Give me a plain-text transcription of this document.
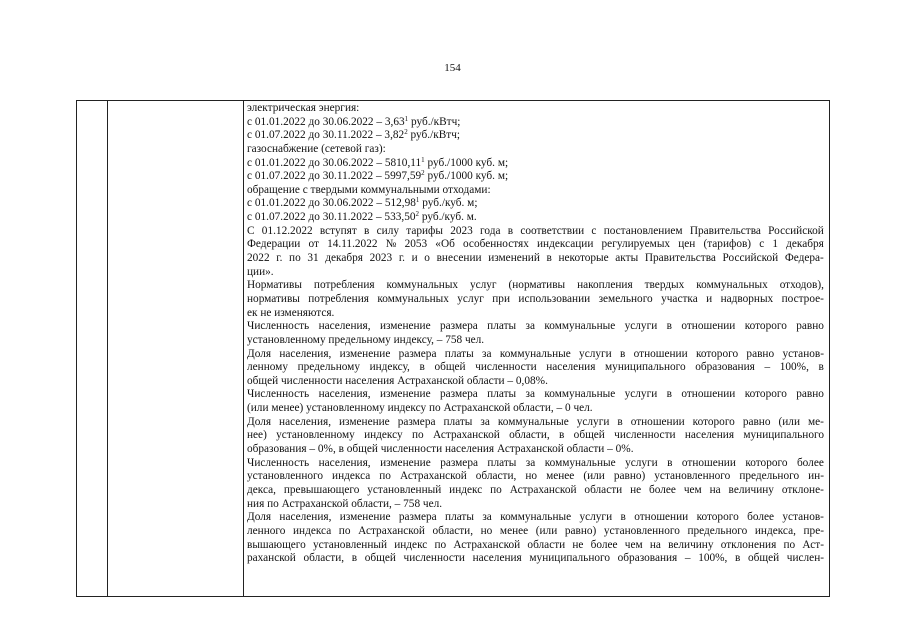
154
электрическая энергия:
с 01.01.2022 до 30.06.2022 – 3,63$^1$ руб./кВтч;
с 01.07.2022 до 30.11.2022 – 3,82$^2$ руб./кВтч;
газоснабжение (сетевой газ):
с 01.01.2022 до 30.06.2022 – 5810,11$^1$ руб./1000 куб. м;
с 01.07.2022 до 30.11.2022 – 5997,59$^2$ руб./1000 куб. м;
обращение с твердыми коммунальными отходами:
с 01.01.2022 до 30.06.2022 – 512,98$^1$ руб./куб. м;
с 01.07.2022 до 30.11.2022 – 533,50$^2$ руб./куб. м.
С 01.12.2022 вступят в силу тарифы 2023 года в соответствии с постановлением Правительства Российской
Федерации от 14.11.2022 № 2053 «Об особенностях индексации регулируемых цен (тарифов) с 1 декабря
2022 г. по 31 декабря 2023 г. и о внесении изменений в некоторые акты Правительства Российской Федера-
ции».
Нормативы потребления коммунальных услуг (нормативы накопления твердых коммунальных отходов),
нормативы потребления коммунальных услуг при использовании земельного участка и надворных построе-
ек не изменяются.
Численность населения, изменение размера платы за коммунальные услуги в отношении которого равно
установленному предельному индексу, – 758 чел.
Доля населения, изменение размера платы за коммунальные услуги в отношении которого равно установ-
ленному предельному индексу, в общей численности населения муниципального образования – 100%, в
общей численности населения Астраханской области – 0,08%.
Численность населения, изменение размера платы за коммунальные услуги в отношении которого равно
(или менее) установленному индексу по Астраханской области, – 0 чел.
Доля населения, изменение размера платы за коммунальные услуги в отношении которого равно (или ме-
нее) установленному индексу по Астраханской области, в общей численности населения муниципального
образования – 0%, в общей численности населения Астраханской области – 0%.
Численность населения, изменение размера платы за коммунальные услуги в отношении которого более
установленного индекса по Астраханской области, но менее (или равно) установленного предельного ин-
декса, превышающего установленный индекс по Астраханской области не более чем на величину отклоне-
ния по Астраханской области, – 758 чел.
Доля населения, изменение размера платы за коммунальные услуги в отношении которого более установ-
ленного индекса по Астраханской области, но менее (или равно) установленного предельного индекса, пре-
вышающего установленный индекс по Астраханской области не более чем на величину отклонения по Аст-
раханской области, в общей численности населения муниципального образования – 100%, в общей числен-
